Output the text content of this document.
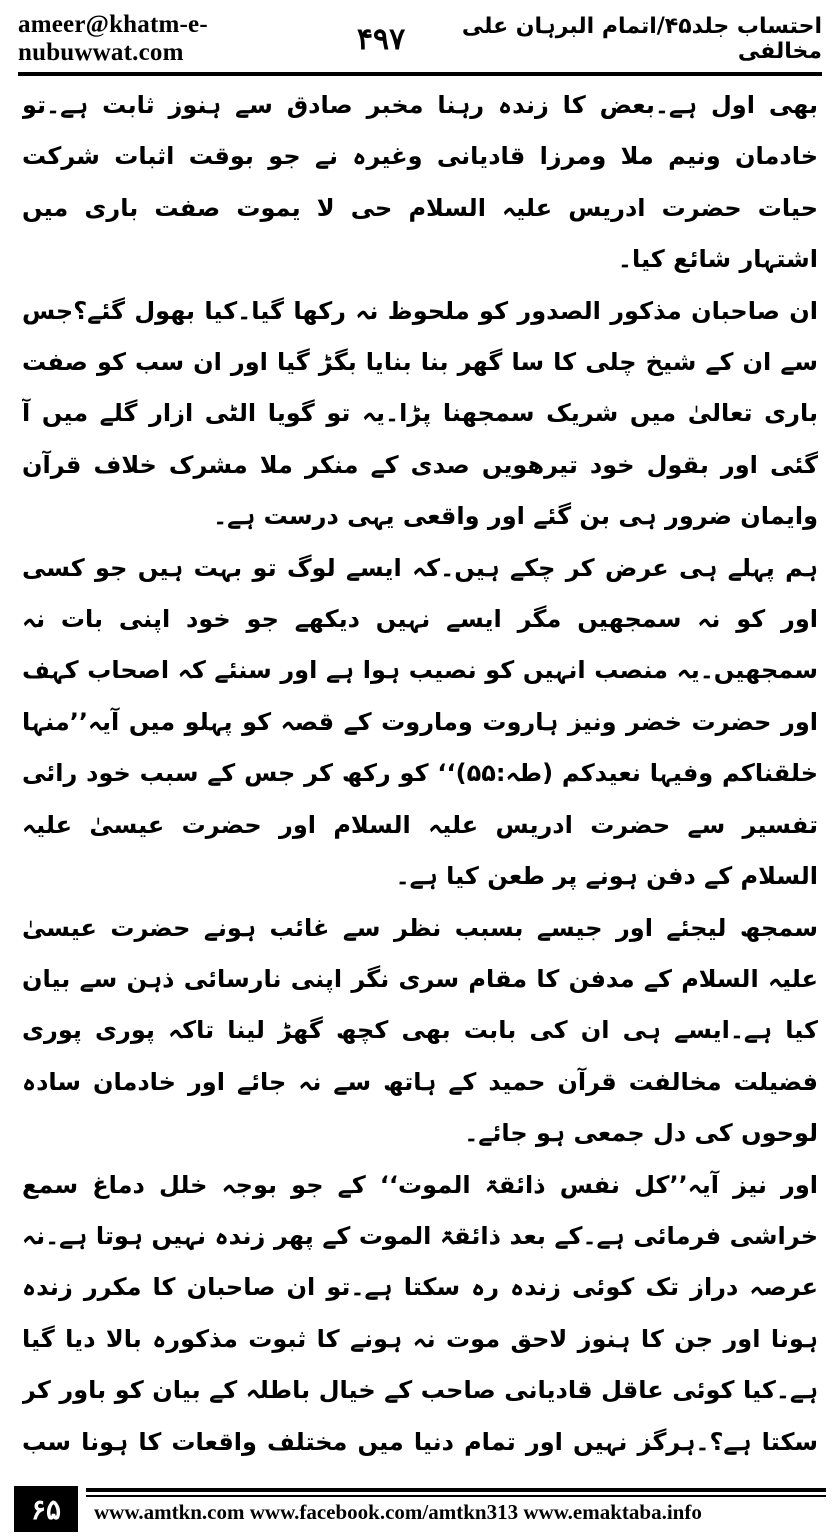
ameer@khatm-e-nubuwwat.com	۴۹۷	احتساب جلد۴۵/اتمام البرہان علی مخالفی

بھی اول ہے۔بعض کا زندہ رہنا مخبر صادق سے ہنوز ثابت ہے۔تو خادمان ونیم ملا ومرزا قادیانی وغیرہ نے جو بوقت اثبات شرکت حیات حضرت ادریس علیہ السلام حی لا یموت صفت باری میں اشتہار شائع کیا۔

ان صاحبان مذکور الصدور کو ملحوظ نہ رکھا گیا۔کیا بھول گئے؟جس سے ان کے شیخ چلی کا سا گھر بنا بنایا بگڑ گیا اور ان سب کو صفت باری تعالیٰ میں شریک سمجھنا پڑا۔یہ تو گویا الٹی ازار گلے میں آ گئی اور بقول خود تیرھویں صدی کے منکر ملا مشرک خلاف قرآن وایمان ضرور ہی بن گئے اور واقعی یہی درست ہے۔

ہم پہلے ہی عرض کر چکے ہیں۔کہ ایسے لوگ تو بہت ہیں جو کسی اور کو نہ سمجھیں مگر ایسے نہیں دیکھے جو خود اپنی بات نہ سمجھیں۔یہ منصب انہیں کو نصیب ہوا ہے اور سنئے کہ اصحاب کہف اور حضرت خضر ونیز ہاروت وماروت کے قصہ کو پہلو میں آیہ’’منہا خلقناکم وفیہا نعیدکم (طہ:۵۵)‘‘ کو رکھ کر جس کے سبب خود رائی تفسیر سے حضرت ادریس علیہ السلام اور حضرت عیسیٰ علیہ السلام کے دفن ہونے پر طعن کیا ہے۔

سمجھ لیجئے اور جیسے بسبب نظر سے غائب ہونے حضرت عیسیٰ علیہ السلام کے مدفن کا مقام سری نگر اپنی نارسائی ذہن سے بیان کیا ہے۔ایسے ہی ان کی بابت بھی کچھ گھڑ لینا تاکہ پوری پوری فضیلت مخالفت قرآن حمید کے ہاتھ سے نہ جائے اور خادمان سادہ لوحوں کی دل جمعی ہو جائے۔

اور نیز آیہ’’کل نفس ذائقۃ الموت‘‘ کے جو بوجہ خلل دماغ سمع خراشی فرمائی ہے۔کے بعد ذائقۃ الموت کے پھر زندہ نہیں ہوتا ہے۔نہ عرصہ دراز تک کوئی زندہ رہ سکتا ہے۔تو ان صاحبان کا مکرر زندہ ہونا اور جن کا ہنوز لاحق موت نہ ہونے کا ثبوت مذکورہ بالا دیا گیا ہے۔کیا کوئی عاقل قادیانی صاحب کے خیال باطلہ کے بیان کو باور کر سکتا ہے؟۔ہرگز نہیں اور تمام دنیا میں مختلف واقعات کا ہونا سب

۶۵	www.amtkn.com www.facebook.com/amtkn313 www.emaktaba.info
